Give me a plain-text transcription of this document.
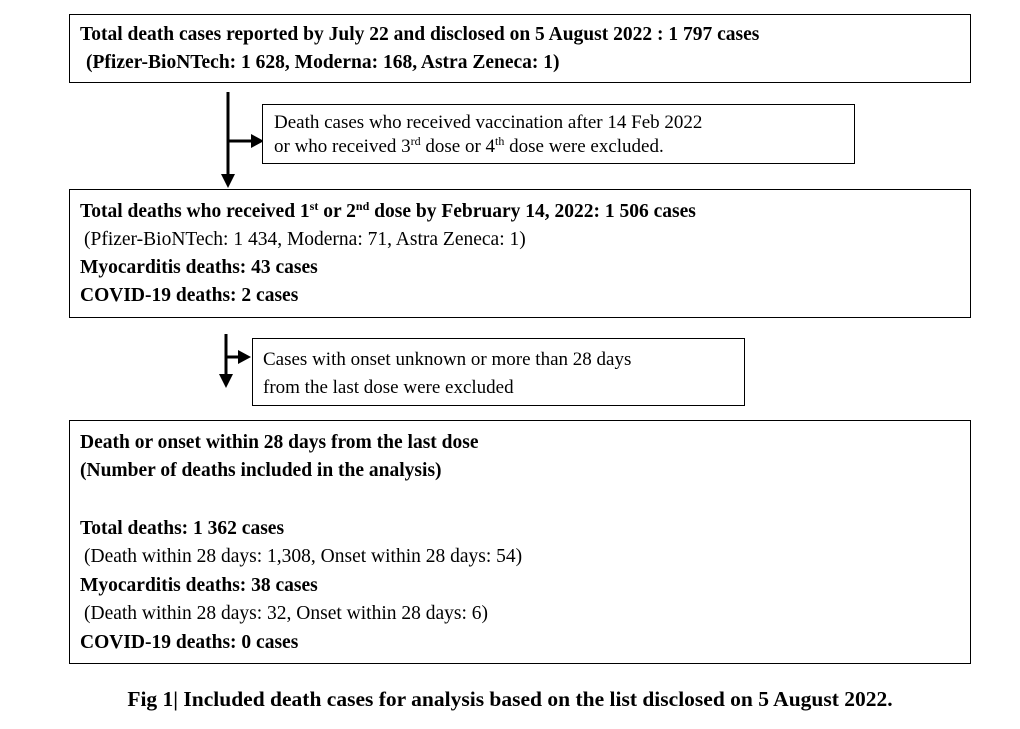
Total death cases reported by July 22 and disclosed on 5 August 2022 : 1 797 cases
(Pfizer-BioNTech: 1 628, Moderna: 168, Astra Zeneca: 1)
Death cases who received vaccination after 14 Feb 2022
or who received 3rd dose or 4th dose were excluded.
Total deaths who received 1st or 2nd dose by February 14, 2022: 1 506 cases
(Pfizer-BioNTech: 1 434, Moderna: 71, Astra Zeneca: 1)
Myocarditis deaths: 43 cases
COVID-19 deaths: 2 cases
Cases with onset unknown or more than 28 days
from the last dose were excluded
Death or onset within 28 days from the last dose
(Number of deaths included in the analysis)
Total deaths: 1 362 cases
(Death within 28 days: 1,308, Onset within 28 days: 54)
Myocarditis deaths: 38 cases
(Death within 28 days: 32, Onset within 28 days: 6)
COVID-19 deaths: 0 cases
Fig 1| Included death cases for analysis based on the list disclosed on 5 August 2022.
